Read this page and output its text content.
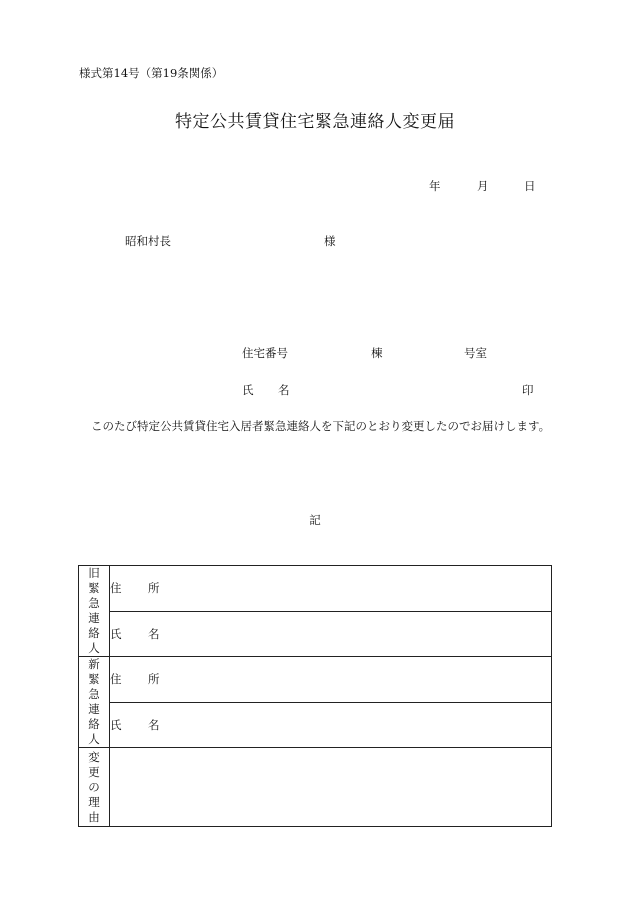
様式第14号（第19条関係）
特定公共賃貸住宅緊急連絡人変更届
年	月	日
昭和村長	様
住宅番号	棟	号室
氏 名	印
このたび特定公共賃貸住宅入居者緊急連絡人を下記のとおり変更したのでお届けします。
記
旧緊急連絡人	住 所
	氏 名
新緊急連絡人	住 所
	氏 名
変更の理由	
